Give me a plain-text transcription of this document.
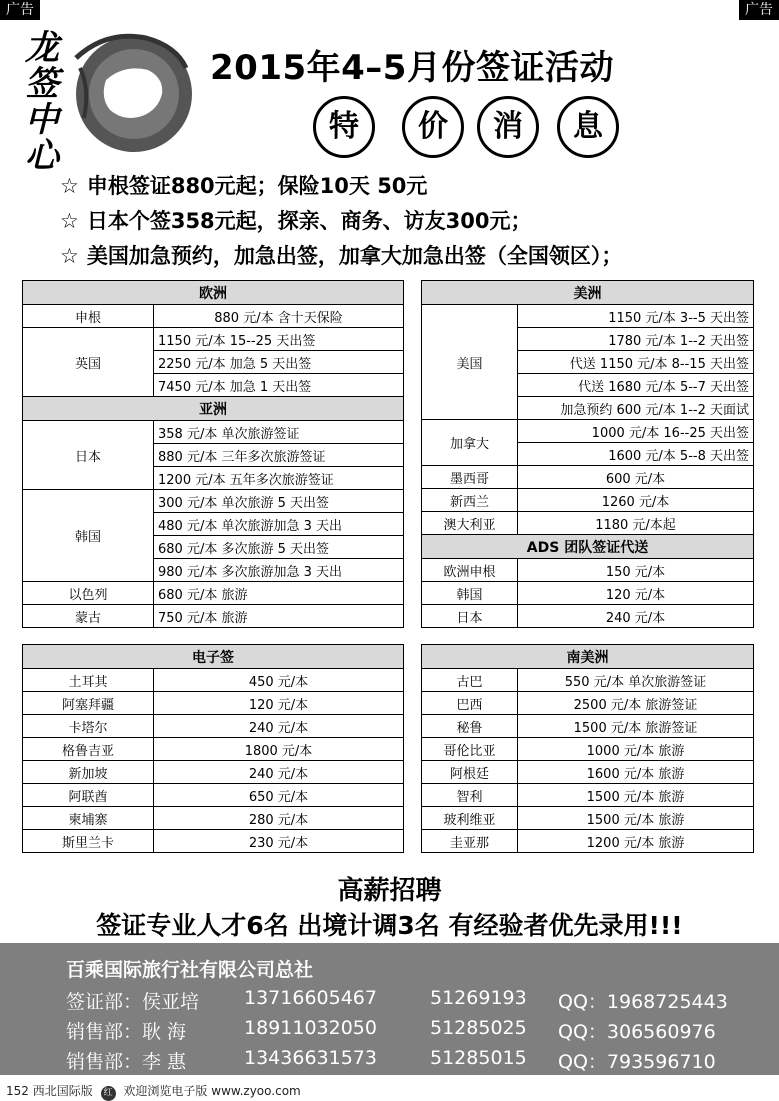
广告	广告
龙签中心
2015年4–5月份签证活动
特	价	消	息
☆ 申根签证880元起；保险10天 50元
☆ 日本个签358元起，探亲、商务、访友300元；
☆ 美国加急预约，加急出签，加拿大加急出签（全国领区）；
欧洲	
申根	880 元/本 含十天保险
英国	1150 元/本 15--25 天出签
	2250 元/本 加急 5 天出签
	7450 元/本 加急 1 天出签
亚洲	
日本	358 元/本 单次旅游签证
	880 元/本 三年多次旅游签证
	1200 元/本 五年多次旅游签证
韩国	300 元/本 单次旅游 5 天出签
	480 元/本 单次旅游加急 3 天出
	680 元/本 多次旅游 5 天出签
	980 元/本 多次旅游加急 3 天出
以色列	680 元/本 旅游
蒙古	750 元/本 旅游
电子签	
土耳其	450 元/本
阿塞拜疆	120 元/本
卡塔尔	240 元/本
格鲁吉亚	1800 元/本
新加坡	240 元/本
阿联酋	650 元/本
柬埔寨	280 元/本
斯里兰卡	230 元/本
美洲	
美国	1150 元/本 3--5 天出签
	1780 元/本 1--2 天出签
	代送 1150 元/本 8--15 天出签
	代送 1680 元/本 5--7 天出签
	加急预约 600 元/本 1--2 天面试
加拿大	1000 元/本 16--25 天出签
	1600 元/本 5--8 天出签
墨西哥	600 元/本
新西兰	1260 元/本
澳大利亚	1180 元/本起
ADS 团队签证代送	
欧洲申根	150 元/本
韩国	120 元/本
日本	240 元/本
南美洲	
古巴	550 元/本 单次旅游签证
巴西	2500 元/本 旅游签证
秘鲁	1500 元/本 旅游签证
哥伦比亚	1000 元/本 旅游
阿根廷	1600 元/本 旅游
智利	1500 元/本 旅游
玻利维亚	1500 元/本 旅游
圭亚那	1200 元/本 旅游
高薪招聘
签证专业人才6名 出境计调3名 有经验者优先录用!!!
百乘国际旅行社有限公司总社
签证部：侯亚培 13716605467	51269193 QQ：1968725443
销售部：耿 海	18911032050	51285025 QQ：306560976
销售部：李 惠	13436631573	51285015 QQ：793596710
152 西北国际版 红 欢迎浏览电子版 www.zyoo.com
